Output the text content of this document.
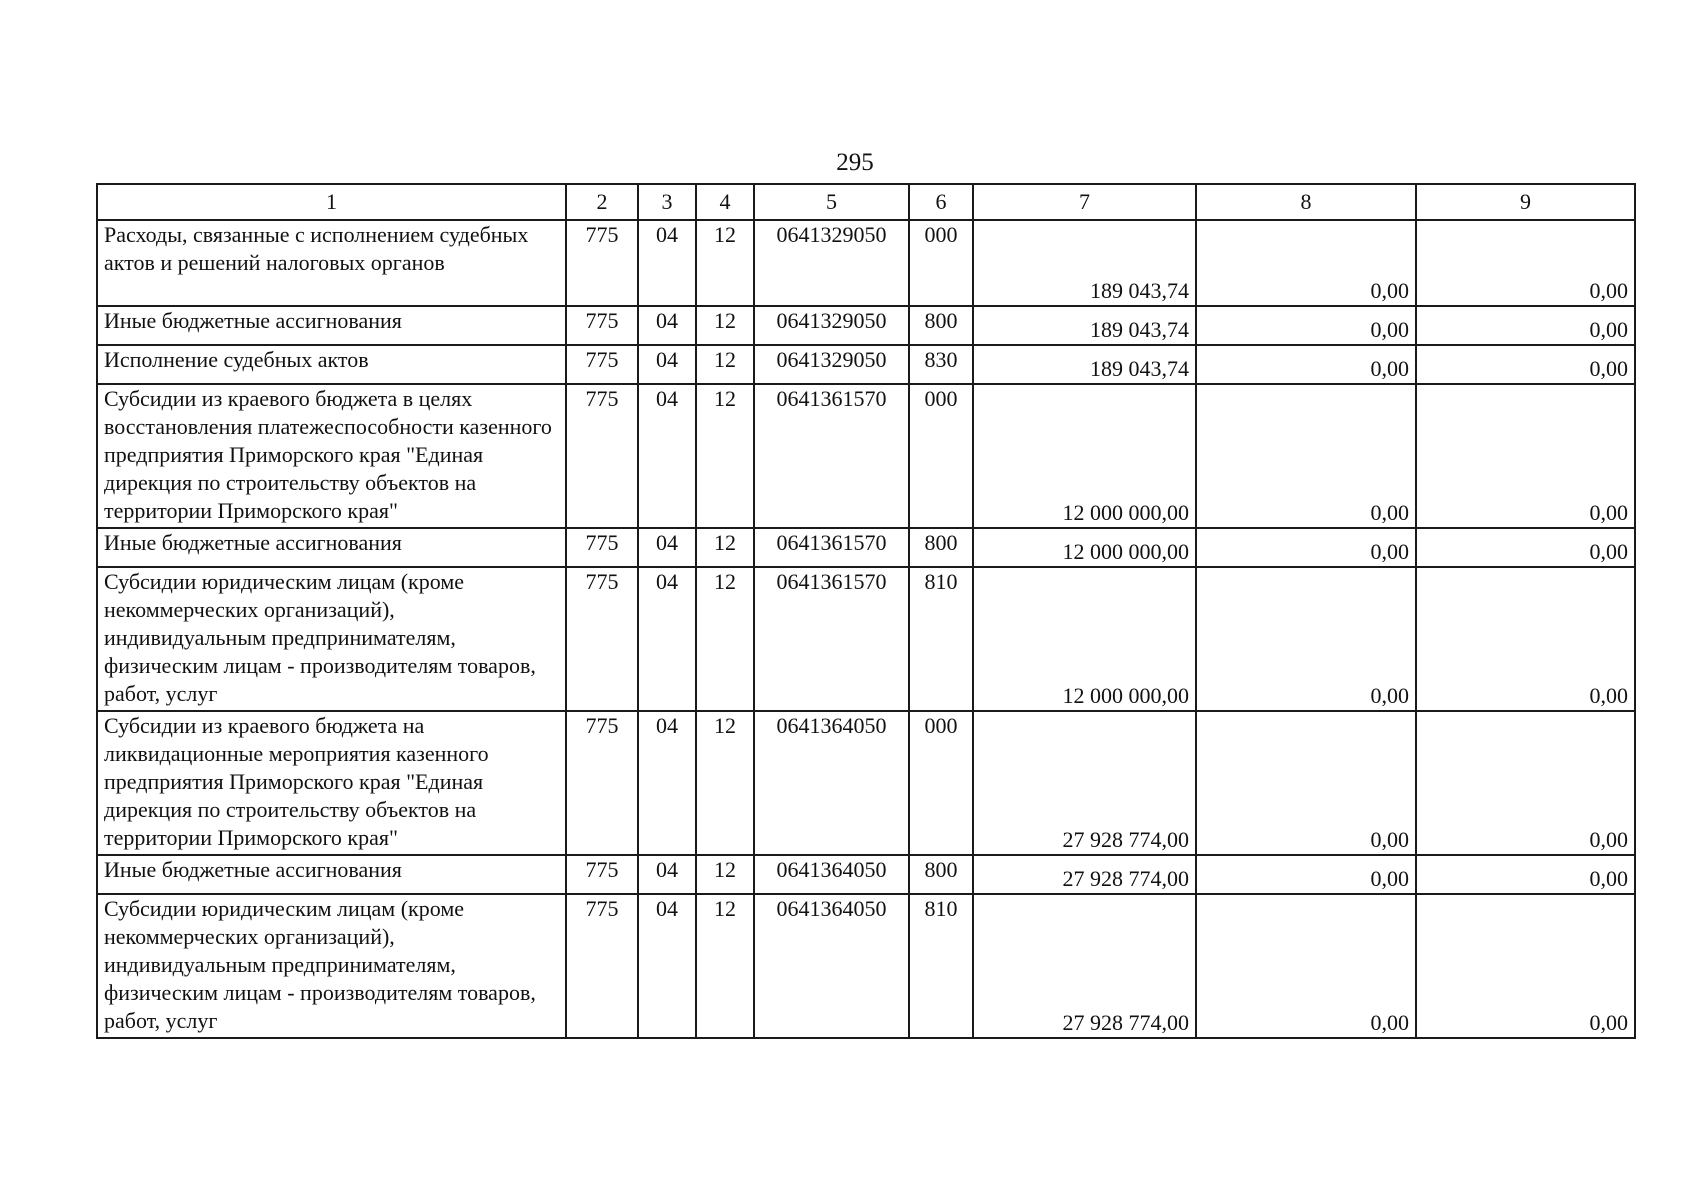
295
1	2	3	4	5	6	7	8	9
Расходы, связанные с исполнением судебных актов и решений налоговых органов	775	04	12	0641329050	000	189 043,74	0,00	0,00
Иные бюджетные ассигнования	775	04	12	0641329050	800	189 043,74	0,00	0,00
Исполнение судебных актов	775	04	12	0641329050	830	189 043,74	0,00	0,00
Субсидии из краевого бюджета в целях восстановления платежеспособности казенного предприятия Приморского края "Единая дирекция по строительству объектов на территории Приморского края"	775	04	12	0641361570	000	12 000 000,00	0,00	0,00
Иные бюджетные ассигнования	775	04	12	0641361570	800	12 000 000,00	0,00	0,00
Субсидии юридическим лицам (кроме некоммерческих организаций), индивидуальным предпринимателям, физическим лицам - производителям товаров, работ, услуг	775	04	12	0641361570	810	12 000 000,00	0,00	0,00
Субсидии из краевого бюджета на ликвидационные мероприятия казенного предприятия Приморского края "Единая дирекция по строительству объектов на территории Приморского края"	775	04	12	0641364050	000	27 928 774,00	0,00	0,00
Иные бюджетные ассигнования	775	04	12	0641364050	800	27 928 774,00	0,00	0,00
Субсидии юридическим лицам (кроме некоммерческих организаций), индивидуальным предпринимателям, физическим лицам - производителям товаров, работ, услуг	775	04	12	0641364050	810	27 928 774,00	0,00	0,00
